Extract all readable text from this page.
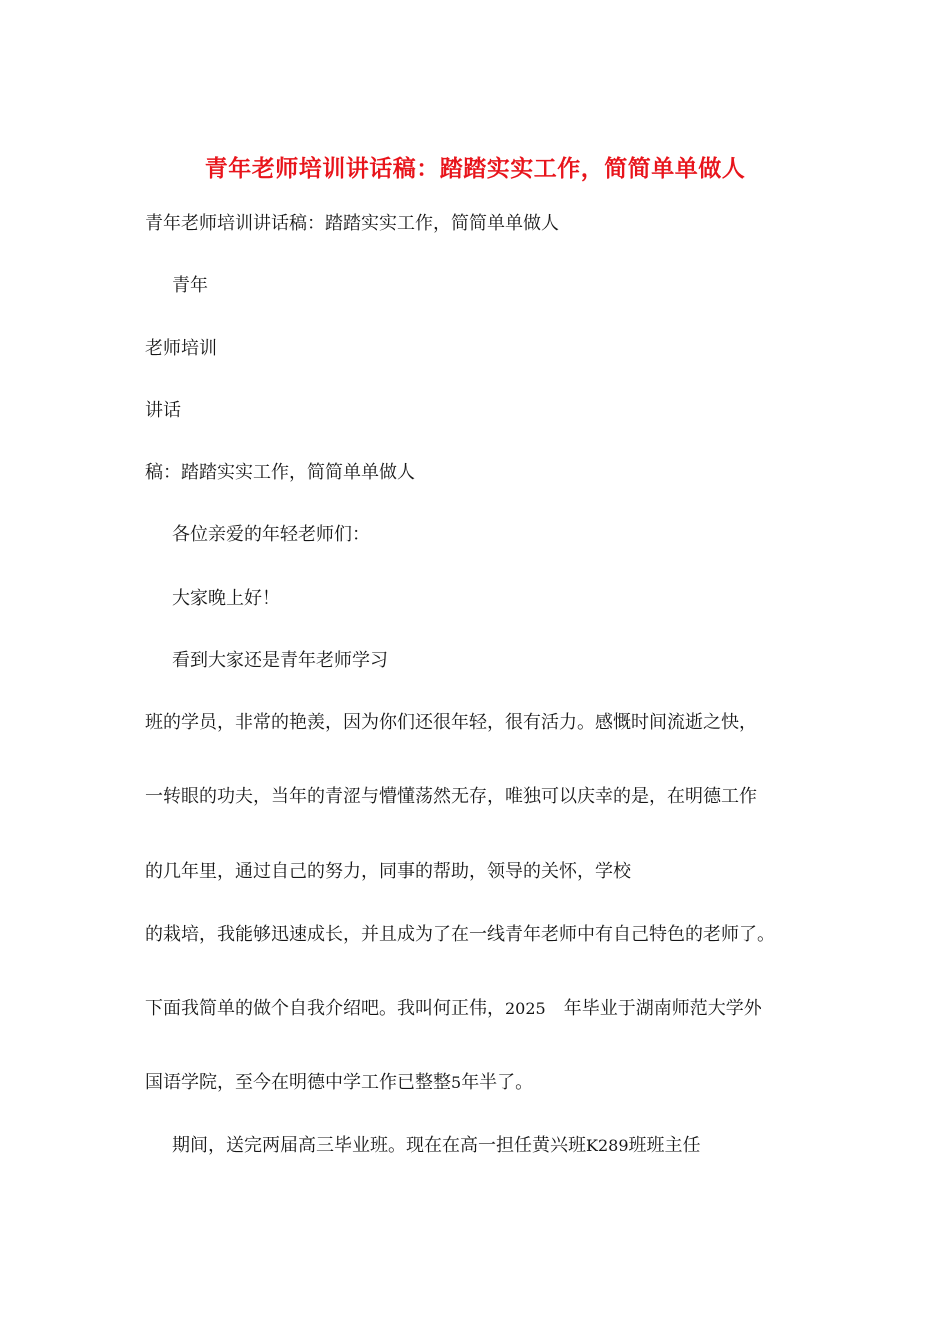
青年老师培训讲话稿：踏踏实实工作，简简单单做人
青年老师培训讲话稿：踏踏实实工作，简简单单做人
青年
老师培训
讲话
稿：踏踏实实工作，简简单单做人
各位亲爱的年轻老师们：
大家晚上好！
看到大家还是青年老师学习
班的学员，非常的艳羡，因为你们还很年轻，很有活力。感慨时间流逝之快，
一转眼的功夫，当年的青涩与懵懂荡然无存，唯独可以庆幸的是，在明德工作
的几年里，通过自己的努力，同事的帮助，领导的关怀，学校
的栽培，我能够迅速成长，并且成为了在一线青年老师中有自己特色的老师了。
下面我简单的做个自我介绍吧。我叫何正伟，2025 年毕业于湖南师范大学外
国语学院，至今在明德中学工作已整整5年半了。
期间，送完两届高三毕业班。现在在高一担任黄兴班K289班班主任
